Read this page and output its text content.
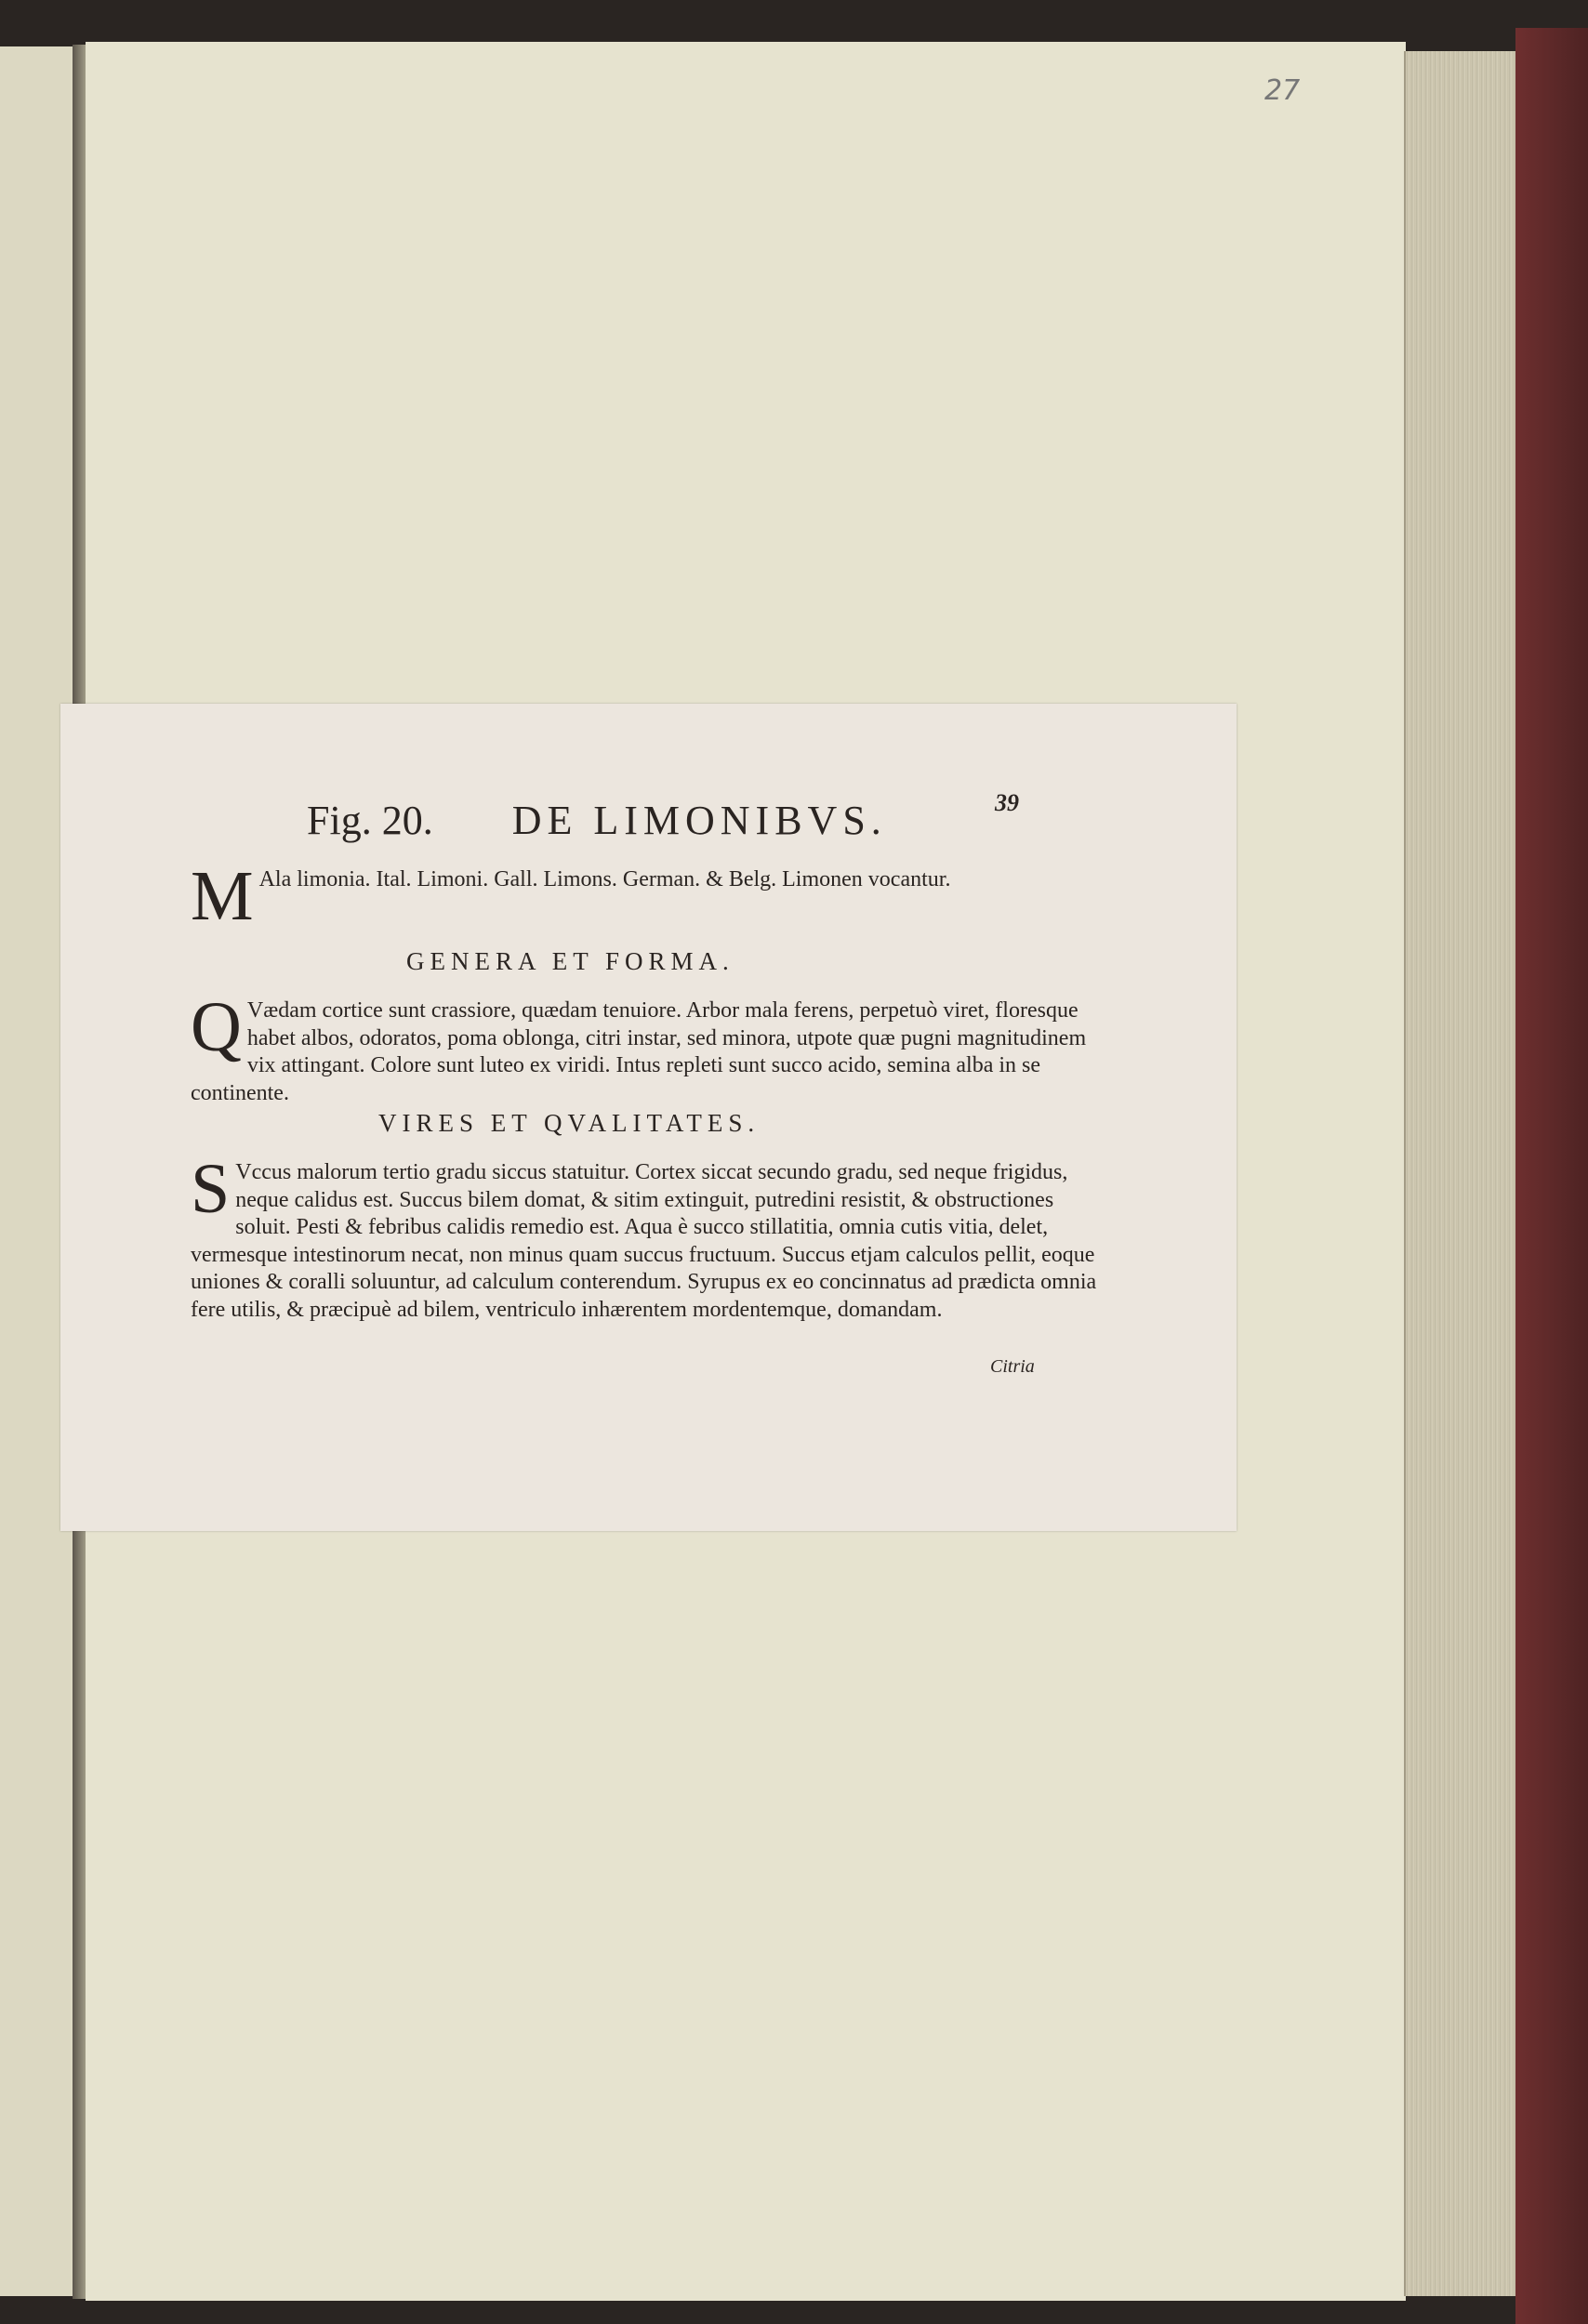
27
39
Fig. 20. DE LIMONIBVS.
M Ala limonia. Ital. Limoni. Gall. Limons. German. & Belg. Limonen vocantur.
GENERA ET FORMA.
Q Vædam cortice sunt crassiore, quædam tenuiore. Arbor mala ferens, perpetuò viret, floresque habet albos, odoratos, poma oblonga, citri instar, sed minora, utpote quæ pugni magnitudinem vix attingant. Colore sunt luteo ex viridi. Intus repleti sunt succo acido, semina alba in se continente.
VIRES ET QVALITATES.
S Vccus malorum tertio gradu siccus statuitur. Cortex siccat secundo gradu, sed neque frigidus, neque calidus est. Succus bilem domat, & sitim extinguit, putredini resistit, & obstructiones soluit. Pesti & febribus calidis remedio est. Aqua è succo stillatitia, omnia cutis vitia, delet, vermesque intestinorum necat, non minus quam succus fructuum. Succus etjam calculos pellit, eoque uniones & coralli soluuntur, ad calculum conterendum. Syrupus ex eo concinnatus ad prædicta omnia fere utilis, & præcipuè ad bilem, ventriculo inhærentem mordentemque, domandam.
Citria
